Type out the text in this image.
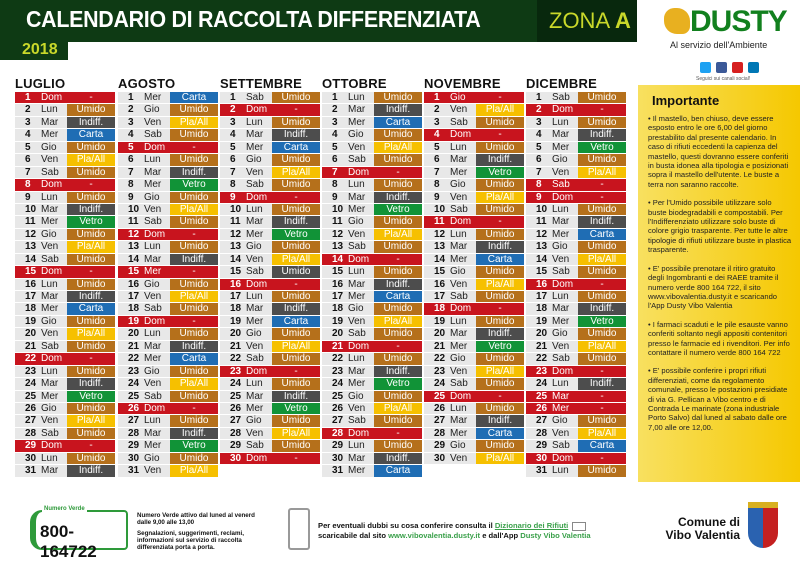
CALENDARIO DI RACCOLTA DIFFERENZIATA
2018
ZONA A DUSTY
Al servizio dell'Ambiente
Seguici sui canali social!
LUGLIO
1	Dom	-
2	Lun	Umido
3	Mar	Indiff.
4	Mer	Carta
5	Gio	Umido
6	Ven	Pla/All
7	Sab	Umido
8	Dom	-
9	Lun	Umido
10 Mar	Indiff.
11 Mer	Vetro
12 Gio	Umido
13 Ven	Pla/All
14 Sab	Umido
15 Dom	-
16 Lun	Umido
17 Mar	Indiff.
18 Mer	Carta
19 Gio	Umido
20 Ven	Pla/All
21 Sab	Umido
22 Dom	-
23 Lun	Umido
24 Mar	Indiff.
25 Mer	Vetro
26 Gio	Umido
27 Ven	Pla/All
28 Sab	Umido
29 Dom	-
30 Lun	Umido
31 Mar	Indiff.
AGOSTO
1	Mer	Carta
2	Gio	Umido
3	Ven	Pla/All
4	Sab	Umido
5	Dom	-
6	Lun	Umido
7	Mar	Indiff.
8	Mer	Vetro
9	Gio	Umido
10 Ven	Pla/All
11 Sab	Umido
12 Dom	-
13 Lun	Umido
14 Mar	Indiff.
15 Mer	-
16 Gio	Umido
17 Ven	Pla/All
18 Sab	Umido
19 Dom	-
20 Lun	Umido
21 Mar	Indiff.
22 Mer	Carta
23 Gio	Umido
24 Ven	Pla/All
25 Sab	Umido
26 Dom	-
27 Lun	Umido
28 Mar	Indiff.
29 Mer	Vetro
30 Gio	Umido
31 Ven	Pla/All
SETTEMBRE
1	Sab	Umido
2	Dom	-
3	Lun	Umido
4	Mar	Indiff.
5	Mer	Carta
6	Gio	Umido
7	Ven	Pla/All
8	Sab	Umido
9	Dom	-
10 Lun	Umido
11 Mar	Indiff.
12 Mer	Vetro
13 Gio	Umido
14 Ven	Pla/All
15 Sab	Umido
16 Dom	-
17 Lun	Umido
18 Mar	Indiff.
19 Mer	Carta
20 Gio	Umido
21 Ven	Pla/All
22 Sab	Umido
23 Dom	-
24 Lun	Umido
25 Mar	Indiff.
26 Mer	Vetro
27 Gio	Umido
28 Ven	Pla/All
29 Sab	Umido
30 Dom	-
OTTOBRE
1	Lun	Umido
2	Mar	Indiff.
3	Mer	Carta
4	Gio	Umido
5	Ven	Pla/All
6	Sab	Umido
7	Dom	-
8	Lun	Umido
9	Mar	Indiff.
10 Mer	Vetro
11 Gio	Umido
12 Ven	Pla/All
13 Sab	Umido
14 Dom	-
15 Lun	Umido
16 Mar	Indiff.
17 Mer	Carta
18 Gio	Umido
19 Ven	Pla/All
20 Sab	Umido
21 Dom	-
22 Lun	Umido
23 Mar	Indiff.
24 Mer	Vetro
25 Gio	Umido
26 Ven	Pla/All
27 Sab	Umido
28 Dom	-
29 Lun	Umido
30 Mar	Indiff.
31 Mer	Carta
NOVEMBRE
1	Gio	-
2	Ven	Pla/All
3	Sab	Umido
4	Dom	-
5	Lun	Umido
6	Mar	Indiff.
7	Mer	Vetro
8	Gio	Umido
9	Ven	Pla/All
10 Sab	Umido
11 Dom	-
12 Lun	Umido
13 Mar	Indiff.
14 Mer	Carta
15 Gio	Umido
16 Ven	Pla/All
17 Sab	Umido
18 Dom	-
19 Lun	Umido
20 Mar	Indiff.
21 Mer	Vetro
22 Gio	Umido
23 Ven	Pla/All
24 Sab	Umido
25 Dom	-
26 Lun	Umido
27 Mar	Indiff.
28 Mer	Carta
29 Gio	Umido
30 Ven	Pla/All
DICEMBRE
1	Sab	Umido
2	Dom	-
3	Lun	Umido
4	Mar	Indiff.
5	Mer	Vetro
6	Gio	Umido
7	Ven	Pla/All
8	Sab	-
9	Dom	-
10 Lun	Umido
11 Mar	Indiff.
12 Mer	Carta
13 Gio	Umido
14 Ven	Pla/All
15 Sab	Umido
16 Dom	-
17 Lun	Umido
18 Mar	Indiff.
19 Mer	Vetro
20 Gio	Umido
21 Ven	Pla/All
22 Sab	Umido
23 Dom	-
24 Lun	Indiff.
25 Mar	-
26 Mer	-
27 Gio	Umido
28 Ven	Pla/All
29 Sab	Carta
30 Dom	-
31 Lun	Umido
Importante

• Il mastello, ben chiuso, deve essere esposto entro le ore 6,00 del giorno prestabilito dal presente calendario. In caso di rifiuti eccedenti la capienza del mastello, questi dovranno essere conferiti in busta idonea alla tipologia e posizionati sopra il mastello dell'utente. Le buste a terra non saranno raccolte.

• Per l'Umido possibile utilizzare solo buste biodegradabili e compostabili. Per l'Indifferenziato utilizzare solo buste di colore grigio trasparente. Per tutte le altre tipologie di rifiuti utilizzare buste in plastica trasparente.

• E' possibile prenotare il ritiro gratuito degli Ingombranti e dei RAEE tramite il numero verde 800 164 722, il sito www.vibovalentia.dusty.it e scaricando l'App Dusty Vibo Valentia

• I farmaci scaduti e le pile esauste vanno conferiti soltanto negli appositi contenitori presso le farmacie ed i rivenditori. Per info contattare il numero verde 800 164 722

• E' possibile conferire i propri rifiuti differenziati, come da regolamento comunale, presso le postazioni presidiate di via G. Pellican a Vibo centro e di Contrada Le marinate (zona industriale Porto Salvo) dal luned al sabato dalle ore 7,00 alle ore 12,00.

Numero Verde
800-164722

Numero Verde attivo dal luned al venerd dalle 9,00 alle 13,00

Segnalazioni, suggerimenti, reclami, informazioni sul servizio di raccolta differenziata porta a porta.

Per eventuali dubbi su cosa conferire consulta il Dizionario dei Rifiuti
scaricabile dal sito www.vibovalentia.dusty.it e dall'App Dusty Vibo Valentia
Comune di
Vibo Valentia
